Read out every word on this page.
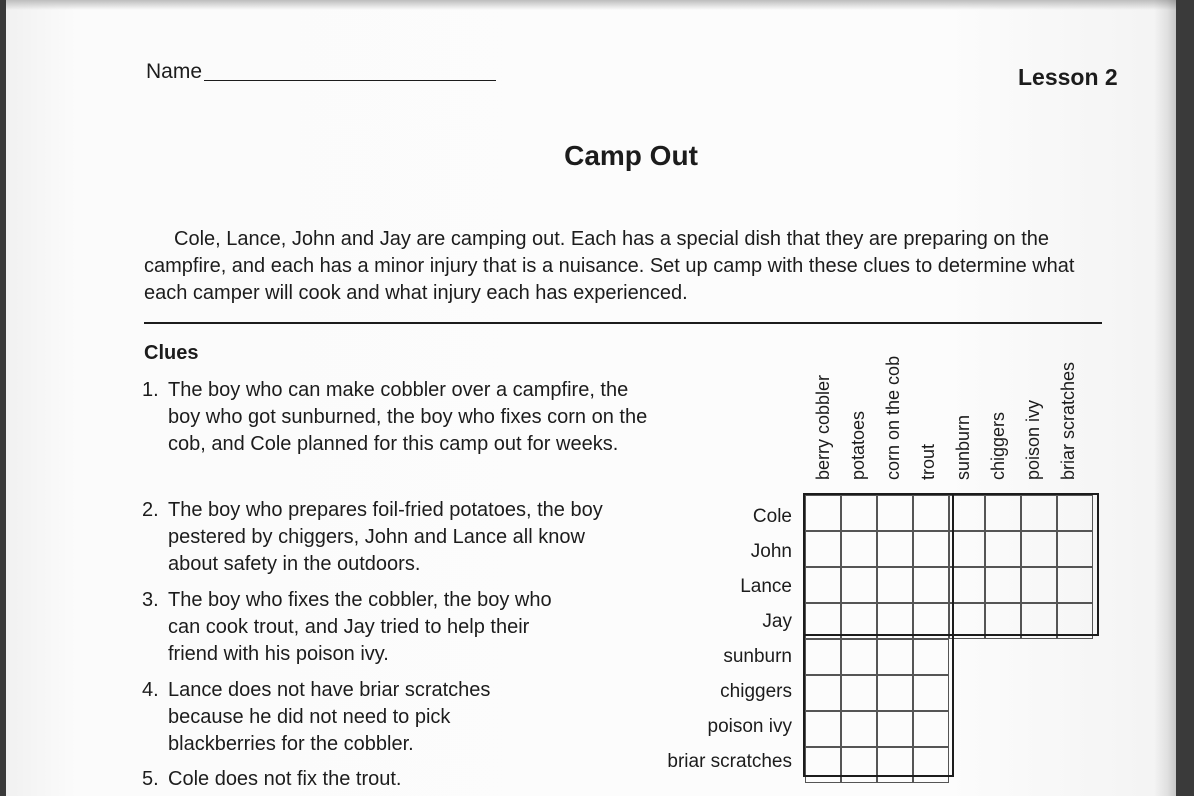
Name	Lesson 2
Camp Out
Cole, Lance, John and Jay are camping out. Each has a special dish that they are preparing on the campfire, and each has a minor injury that is a nuisance. Set up camp with these clues to determine what each camper will cook and what injury each has experienced.
Clues
1. The boy who can make cobbler over a campfire, the boy who got sunburned, the boy who fixes corn on the cob, and Cole planned for this camp out for weeks.
2. The boy who prepares foil-fried potatoes, the boy pestered by chiggers, John and Lance all know about safety in the outdoors.
3. The boy who fixes the cobbler, the boy who can cook trout, and Jay tried to help their friend with his poison ivy.
4. Lance does not have briar scratches because he did not need to pick blackberries for the cobbler.
5. Cole does not fix the trout.
berry cobbler potatoes corn on the cob trout sunburn chiggers poison ivy briar scratches
Cole
John
Lance
Jay
sunburn
chiggers
poison ivy
briar scratches
